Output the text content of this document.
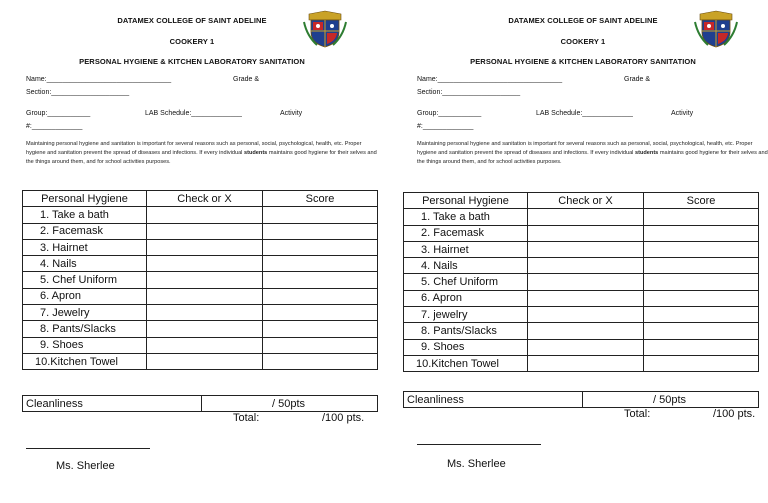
DATAMEX COLLEGE OF SAINT ADELINE
COOKERY 1
PERSONAL HYGIENE & KITCHEN LABORATORY SANITATION
Name:________________________________	Grade &
Section:____________________
Group:___________	LAB Schedule:_____________	Activity
#:_____________
Maintaining personal hygiene and sanitation is important for several reasons such as personal, social, psychological, health, etc. Proper hygiene and sanitation prevent the spread of diseases and infections. If every individual students maintains good hygiene for their selves and the things around them, and for school activities purposes.
Personal Hygiene	Check or X	Score
1. Take a bath		
2. Facemask		
3. Hairnet		
4. Nails		
5. Chef Uniform		
6. Apron		
7. Jewelry		
8. Pants/Slacks		
9. Shoes		
10.Kitchen Towel		
Cleanliness	/ 50pts
Total:	/100 pts.
Ms. Sherlee
DATAMEX COLLEGE OF SAINT ADELINE
COOKERY 1
PERSONAL HYGIENE & KITCHEN LABORATORY SANITATION
Name:________________________________	Grade &
Section:____________________
Group:___________	LAB Schedule:_____________	Activity
#:_____________
Maintaining personal hygiene and sanitation is important for several reasons such as personal, social, psychological, health, etc. Proper hygiene and sanitation prevent the spread of diseases and infections. If every individual students maintains good hygiene for their selves and the things around them, and for school activities purposes.
Personal Hygiene	Check or X	Score
1. Take a bath		
2. Facemask		
3. Hairnet		
4. Nails		
5. Chef Uniform		
6. Apron		
7. jewelry		
8. Pants/Slacks		
9. Shoes		
10.Kitchen Towel		
Cleanliness	/ 50pts
Total:	/100 pts.
Ms. Sherlee
